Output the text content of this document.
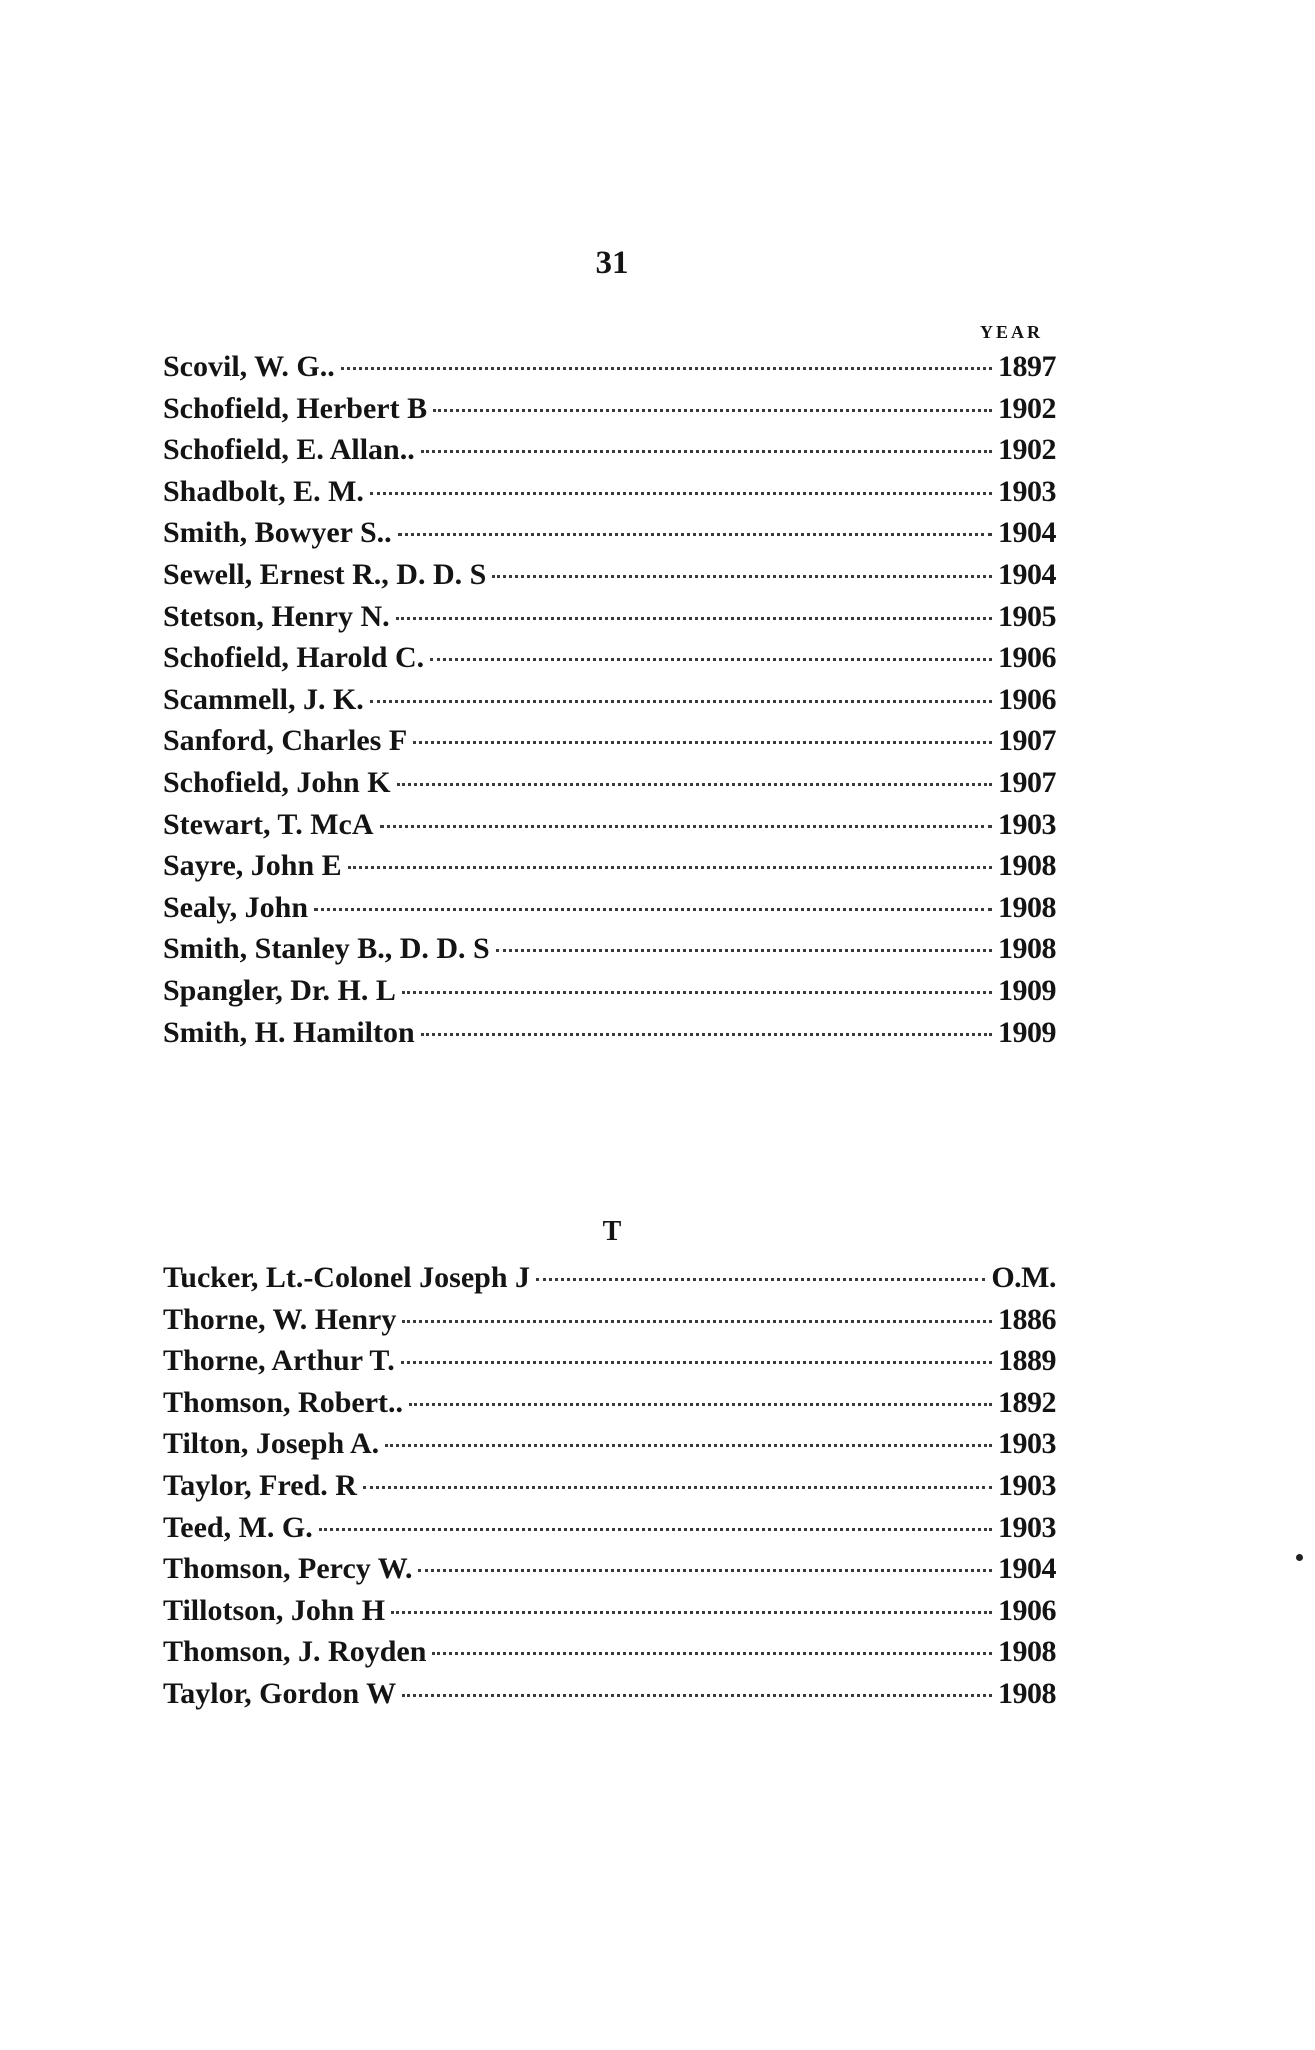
31
YEAR
Scovil, W. G..	1897
Schofield, Herbert B	1902
Schofield, E. Allan..	1902
Shadbolt, E. M.	1903
Smith, Bowyer S..	1904
Sewell, Ernest R., D. D. S	1904
Stetson, Henry N.	1905
Schofield, Harold C.	1906
Scammell, J. K.	1906
Sanford, Charles F	1907
Schofield, John K	1907
Stewart, T. McA	1903
Sayre, John E	1908
Sealy, John	1908
Smith, Stanley B., D. D. S	1908
Spangler, Dr. H. L	1909
Smith, H. Hamilton	1909
T
Tucker, Lt.-Colonel Joseph J	O.M.
Thorne, W. Henry	1886
Thorne, Arthur T.	1889
Thomson, Robert..	1892
Tilton, Joseph A.	1903
Taylor, Fred. R	1903
Teed, M. G.	1903
Thomson, Percy W.	1904
Tillotson, John H	1906
Thomson, J. Royden	1908
Taylor, Gordon W	1908
